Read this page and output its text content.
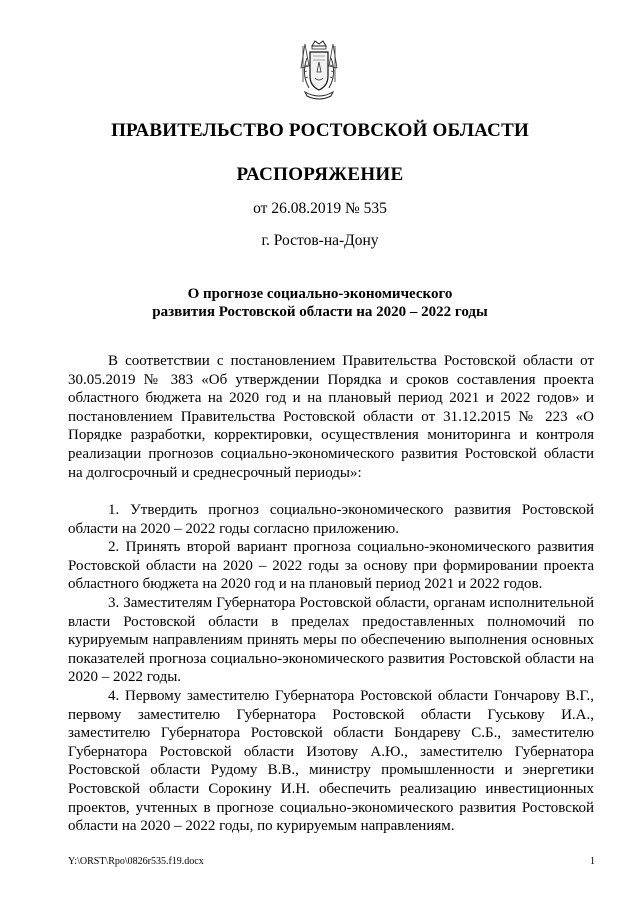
ПРАВИТЕЛЬСТВО РОСТОВСКОЙ ОБЛАСТИ
РАСПОРЯЖЕНИЕ
от 26.08.2019 № 535
г. Ростов-на-Дону
О прогнозе социально-экономического
развития Ростовской области на 2020 – 2022 годы

В соответствии с постановлением Правительства Ростовской области от 30.05.2019 № 383 «Об утверждении Порядка и сроков составления проекта областного бюджета на 2020 год и на плановый период 2021 и 2022 годов» и постановлением Правительства Ростовской области от 31.12.2015 № 223 «О Порядке разработки, корректировки, осуществления мониторинга и контроля реализации прогнозов социально-экономического развития Ростовской области на долгосрочный и среднесрочный периоды»:

1. Утвердить прогноз социально-экономического развития Ростовской области на 2020 – 2022 годы согласно приложению.

2. Принять второй вариант прогноза социально-экономического развития Ростовской области на 2020 – 2022 годы за основу при формировании проекта областного бюджета на 2020 год и на плановый период 2021 и 2022 годов.

3. Заместителям Губернатора Ростовской области, органам исполнительной власти Ростовской области в пределах предоставленных полномочий по курируемым направлениям принять меры по обеспечению выполнения основных показателей прогноза социально-экономического развития Ростовской области на 2020 – 2022 годы.

4. Первому заместителю Губернатора Ростовской области Гончарову В.Г., первому заместителю Губернатора Ростовской области Гуськову И.А., заместителю Губернатора Ростовской области Бондареву С.Б., заместителю Губернатора Ростовской области Изотову А.Ю., заместителю Губернатора Ростовской области Рудому В.В., министру промышленности и энергетики Ростовской области Сорокину И.Н. обеспечить реализацию инвестиционных проектов, учтенных в прогнозе социально-экономического развития Ростовской области на 2020 – 2022 годы, по курируемым направлениям.

Y:\ORST\Rpo\0826r535.f19.docx	1
